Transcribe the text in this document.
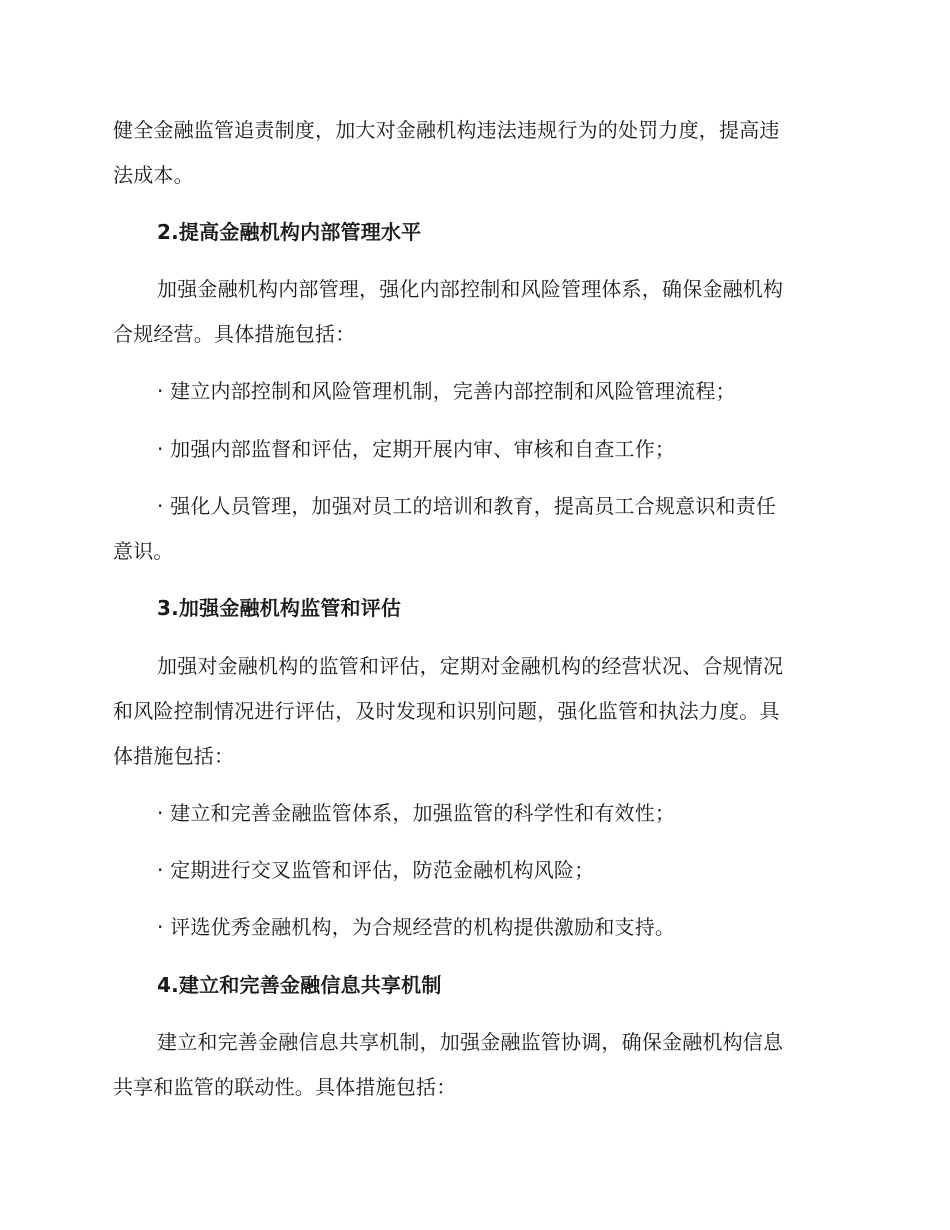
健全金融监管追责制度，加大对金融机构违法违规行为的处罚力度，提高违
法成本。
2.提高金融机构内部管理水平
加强金融机构内部管理，强化内部控制和风险管理体系，确保金融机构
合规经营。具体措施包括：
· 建立内部控制和风险管理机制，完善内部控制和风险管理流程；
· 加强内部监督和评估，定期开展内审、审核和自查工作；
· 强化人员管理，加强对员工的培训和教育，提高员工合规意识和责任
意识。
3.加强金融机构监管和评估
加强对金融机构的监管和评估，定期对金融机构的经营状况、合规情况
和风险控制情况进行评估，及时发现和识别问题，强化监管和执法力度。具
体措施包括：
· 建立和完善金融监管体系，加强监管的科学性和有效性；
· 定期进行交叉监管和评估，防范金融机构风险；
· 评选优秀金融机构，为合规经营的机构提供激励和支持。
4.建立和完善金融信息共享机制
建立和完善金融信息共享机制，加强金融监管协调，确保金融机构信息
共享和监管的联动性。具体措施包括：
